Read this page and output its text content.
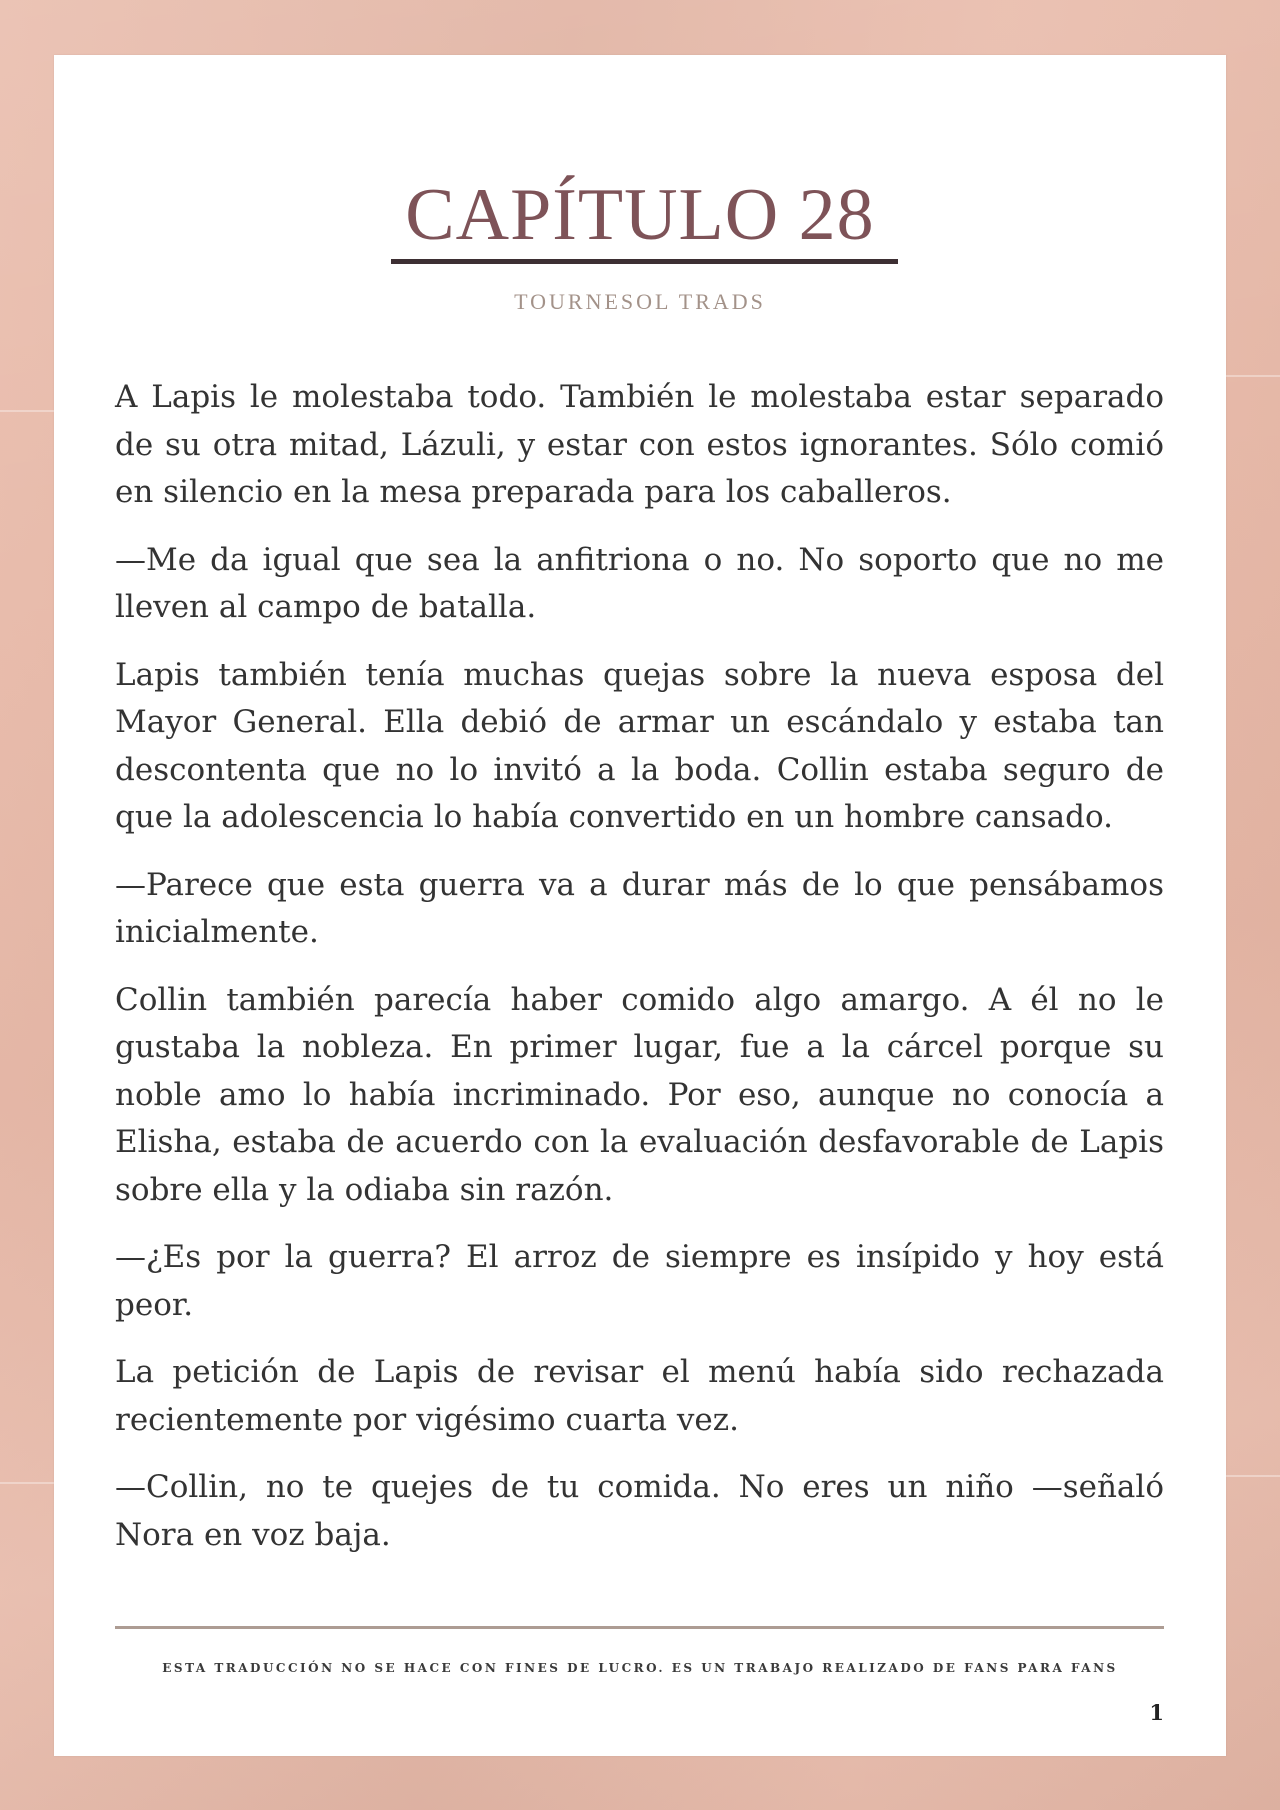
CAPÍTULO 28
TOURNESOL TRADS

A Lapis le molestaba todo. También le molestaba estar separado de su otra mitad, Lázuli, y estar con estos ignorantes. Sólo comió en silencio en la mesa preparada para los caballeros.

—Me da igual que sea la anfitriona o no. No soporto que no me lleven al campo de batalla.

Lapis también tenía muchas quejas sobre la nueva esposa del Mayor General. Ella debió de armar un escándalo y estaba tan descontenta que no lo invitó a la boda. Collin estaba seguro de que la adolescencia lo había convertido en un hombre cansado.

—Parece que esta guerra va a durar más de lo que pensábamos inicialmente.

Collin también parecía haber comido algo amargo. A él no le gustaba la nobleza. En primer lugar, fue a la cárcel porque su noble amo lo había incriminado. Por eso, aunque no conocía a Elisha, estaba de acuerdo con la evaluación desfavorable de Lapis sobre ella y la odiaba sin razón.

—¿Es por la guerra? El arroz de siempre es insípido y hoy está peor.

La petición de Lapis de revisar el menú había sido rechazada recientemente por vigésimo cuarta vez.

—Collin, no te quejes de tu comida. No eres un niño —señaló Nora en voz baja.

ESTA TRADUCCIÓN NO SE HACE CON FINES DE LUCRO. ES UN TRABAJO REALIZADO DE FANS PARA FANS
1
